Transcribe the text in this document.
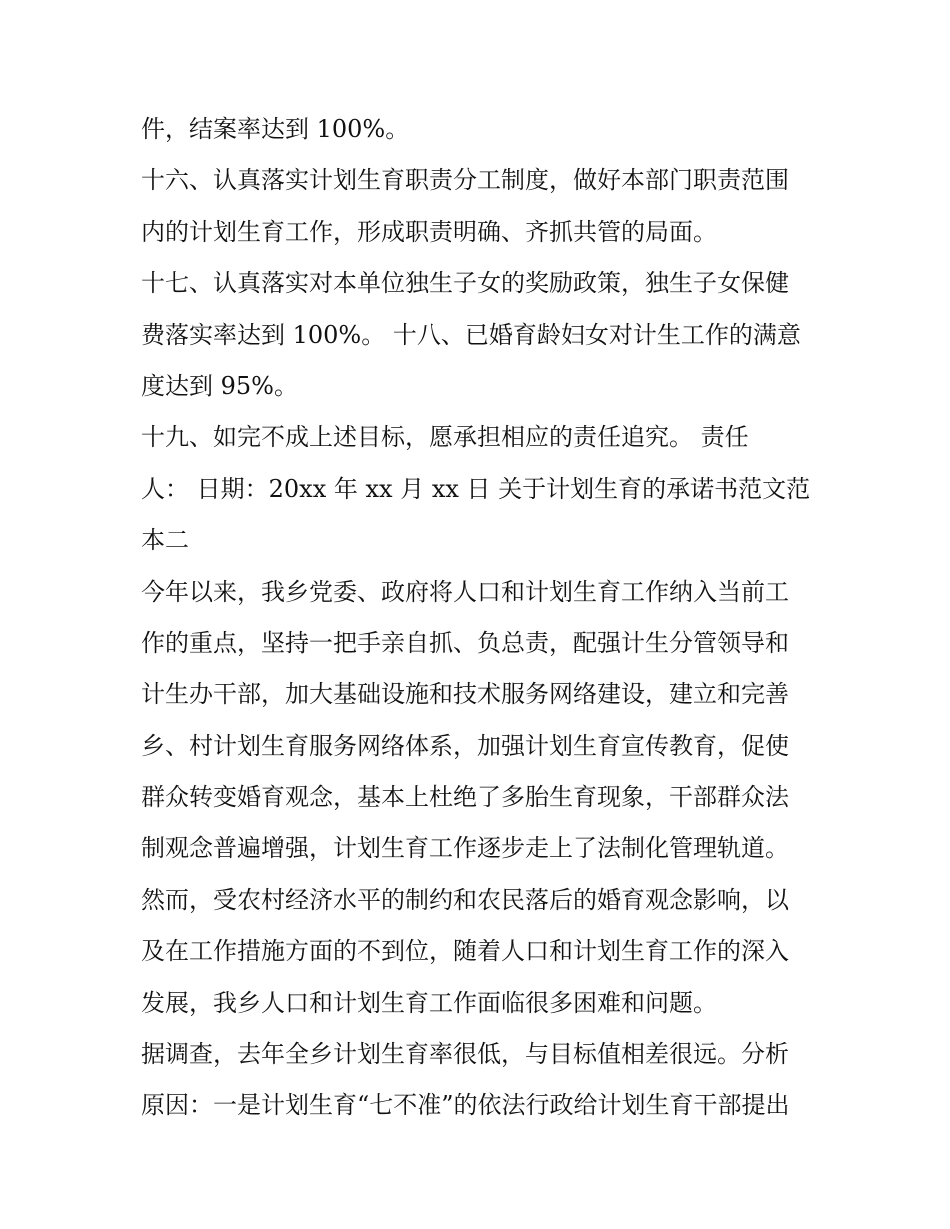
件，结案率达到 100%。
十六、认真落实计划生育职责分工制度，做好本部门职责范围
内的计划生育工作，形成职责明确、齐抓共管的局面。
十七、认真落实对本单位独生子女的奖励政策，独生子女保健
费落实率达到 100%。 十八、已婚育龄妇女对计生工作的满意
度达到 95%。
十九、如完不成上述目标，愿承担相应的责任追究。 责任
人： 日期：20xx 年 xx 月 xx 日 关于计划生育的承诺书范文范
本二
今年以来，我乡党委、政府将人口和计划生育工作纳入当前工
作的重点，坚持一把手亲自抓、负总责，配强计生分管领导和
计生办干部，加大基础设施和技术服务网络建设，建立和完善
乡、村计划生育服务网络体系，加强计划生育宣传教育，促使
群众转变婚育观念，基本上杜绝了多胎生育现象，干部群众法
制观念普遍增强，计划生育工作逐步走上了法制化管理轨道。
然而，受农村经济水平的制约和农民落后的婚育观念影响，以
及在工作措施方面的不到位，随着人口和计划生育工作的深入
发展，我乡人口和计划生育工作面临很多困难和问题。
据调查，去年全乡计划生育率很低，与目标值相差很远。分析
原因：一是计划生育“七不准”的依法行政给计划生育干部提出
